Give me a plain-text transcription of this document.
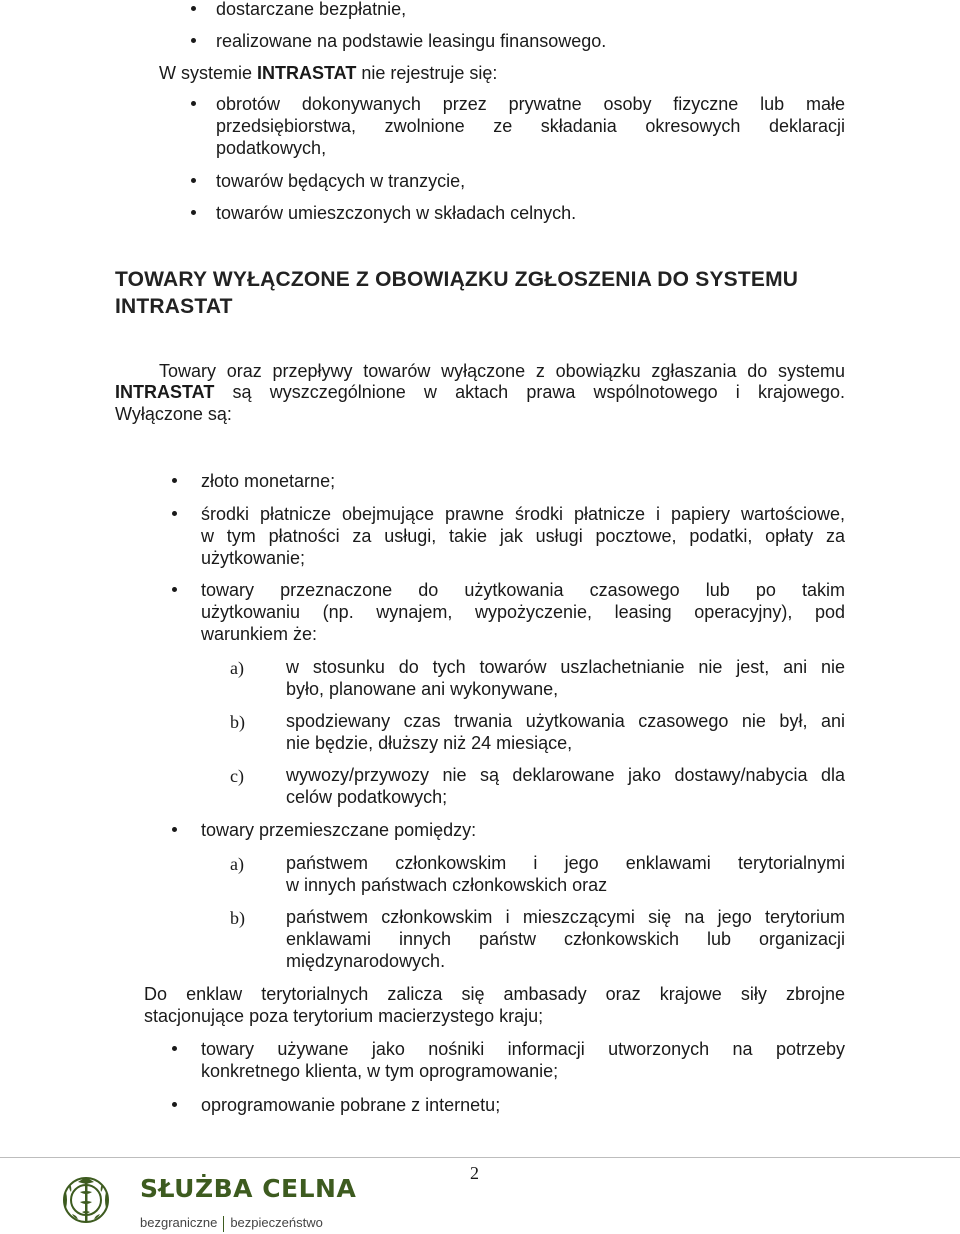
dostarczane bezpłatnie,
realizowane na podstawie leasingu finansowego.
W systemie INTRASTAT nie rejestruje się:
obrotów dokonywanych przez prywatne osoby fizyczne lub małe
przedsiębiorstwa, zwolnione ze składania okresowych deklaracji
podatkowych,
towarów będących w tranzycie,
towarów umieszczonych w składach celnych.
TOWARY WYŁĄCZONE Z OBOWIĄZKU ZGŁOSZENIA DO SYSTEMU
INTRASTAT
Towary oraz przepływy towarów wyłączone z obowiązku zgłaszania do systemu
INTRASTAT są wyszczególnione w aktach prawa wspólnotowego i krajowego.
Wyłączone są:
złoto monetarne;
środki płatnicze obejmujące prawne środki płatnicze i papiery wartościowe,
w tym płatności za usługi, takie jak usługi pocztowe, podatki, opłaty za
użytkowanie;
towary przeznaczone do użytkowania czasowego lub po takim
użytkowaniu (np. wynajem, wypożyczenie, leasing operacyjny), pod
warunkiem że:
a) w stosunku do tych towarów uszlachetnianie nie jest, ani nie
było, planowane ani wykonywane,
b) spodziewany czas trwania użytkowania czasowego nie był, ani
nie będzie, dłuższy niż 24 miesiące,
c) wywozy/przywozy nie są deklarowane jako dostawy/nabycia dla
celów podatkowych;
towary przemieszczane pomiędzy:
a) państwem członkowskim i jego enklawami terytorialnymi
w innych państwach członkowskich oraz
b) państwem członkowskim i mieszczącymi się na jego terytorium
enklawami innych państw członkowskich lub organizacji
międzynarodowych.
Do enklaw terytorialnych zalicza się ambasady oraz krajowe siły zbrojne
stacjonujące poza terytorium macierzystego kraju;
towary używane jako nośniki informacji utworzonych na potrzeby
konkretnego klienta, w tym oprogramowanie;
oprogramowanie pobrane z internetu;
2
SŁUŻBA CELNA
bezgraniczne bezpieczeństwo
